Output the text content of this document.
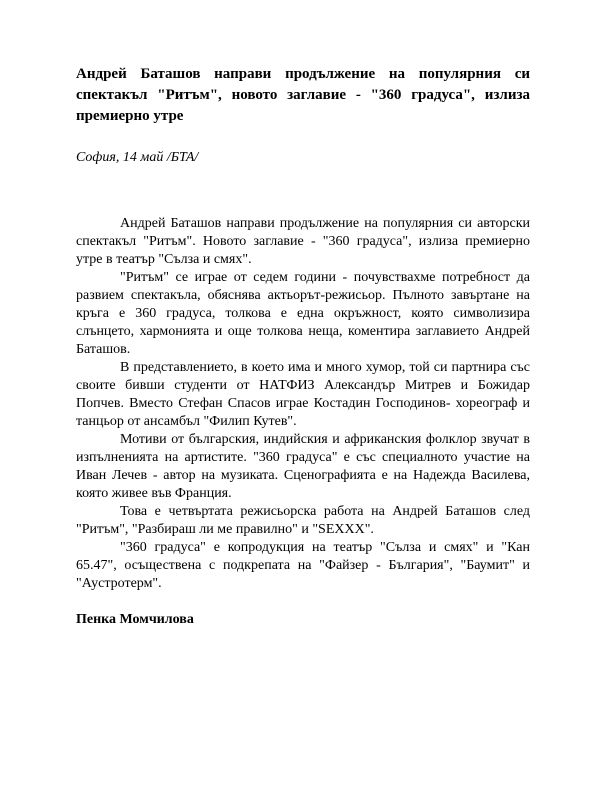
Андрей Баташов направи продължение на популярния си спектакъл "Ритъм", новото заглавие - "360 градуса", излиза премиерно утре
София, 14 май /БТА/

Андрей Баташов направи продължение на популярния си авторски спектакъл "Ритъм". Новото заглавие - "360 градуса", излиза премиерно утре в театър "Сълза и смях".

"Ритъм" се играе от седем години - почувствахме потребност да развием спектакъла, обяснява актьорът-режисьор. Пълното завъртане на кръга е 360 градуса, толкова е една окръжност, която символизира слънцето, хармонията и още толкова неща, коментира заглавието Андрей Баташов.

В представлението, в което има и много хумор, той си партнира със своите бивши студенти от НАТФИЗ Александър Митрев и Божидар Попчев. Вместо Стефан Спасов играе Костадин Господинов- хореограф и танцьор от ансамбъл "Филип Кутев".

Мотиви от българския, индийския и африканския фолклор звучат в изпълненията на артистите. "360 градуса" е със специалното участие на Иван Лечев - автор на музиката. Сценографията е на Надежда Василева, която живее във Франция.

Това е четвъртата режисьорска работа на Андрей Баташов след "Ритъм", "Разбираш ли ме правилно" и "SEXXX".

"360 градуса" е копродукция на театър "Сълза и смях" и "Кан 65.47", осъществена с подкрепата на "Файзер - България", "Баумит" и "Аустротерм".

Пенка Момчилова
